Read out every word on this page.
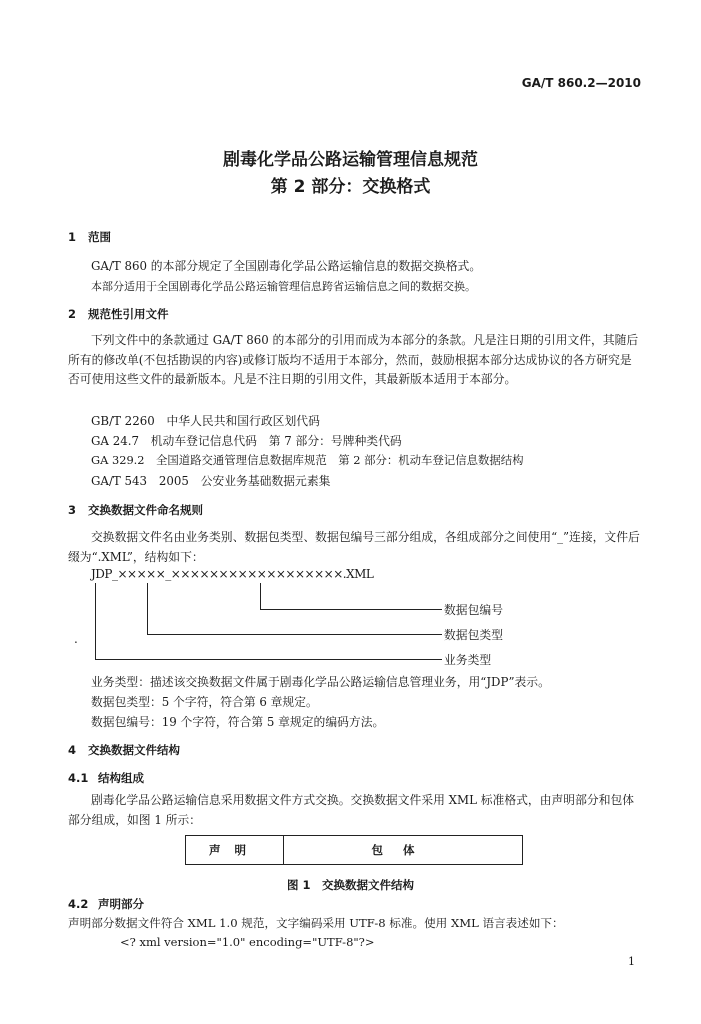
GA/T 860.2—2010
剧毒化学品公路运输管理信息规范
第 2 部分：交换格式
1 范围
GA/T 860 的本部分规定了全国剧毒化学品公路运输信息的数据交换格式。
本部分适用于全国剧毒化学品公路运输管理信息跨省运输信息之间的数据交换。
2 规范性引用文件
下列文件中的条款通过 GA/T 860 的本部分的引用而成为本部分的条款。凡是注日期的引用文件，其随后所有的修改单(不包括勘误的内容)或修订版均不适用于本部分，然而，鼓励根据本部分达成协议的各方研究是否可使用这些文件的最新版本。凡是不注日期的引用文件，其最新版本适用于本部分。
GB/T 2260　中华人民共和国行政区划代码
GA 24.7　机动车登记信息代码　第 7 部分：号牌种类代码
GA 329.2　全国道路交通管理信息数据库规范　第 2 部分：机动车登记信息数据结构
GA/T 543　2005　公安业务基础数据元素集
3 交换数据文件命名规则
交换数据文件名由业务类别、数据包类型、数据包编号三部分组成，各组成部分之间使用“_”连接，文件后缀为“.XML”，结构如下：
JDP_×××××_××××××××××××××××××.XML
数据包编号
数据包类型
业务类型
.
业务类型：描述该交换数据文件属于剧毒化学品公路运输信息管理业务，用“JDP”表示。
数据包类型：5 个字符，符合第 6 章规定。
数据包编号：19 个字符，符合第 5 章规定的编码方法。
4 交换数据文件结构
4.1 结构组成
剧毒化学品公路运输信息采用数据文件方式交换。交换数据文件采用 XML 标准格式，由声明部分和包体部分组成，如图 1 所示：
声明	包体
图 1　交换数据文件结构
4.2 声明部分
声明部分数据文件符合 XML 1.0 规范，文字编码采用 UTF-8 标准。使用 XML 语言表述如下：
<? xml version="1.0" encoding="UTF-8"?>
1
